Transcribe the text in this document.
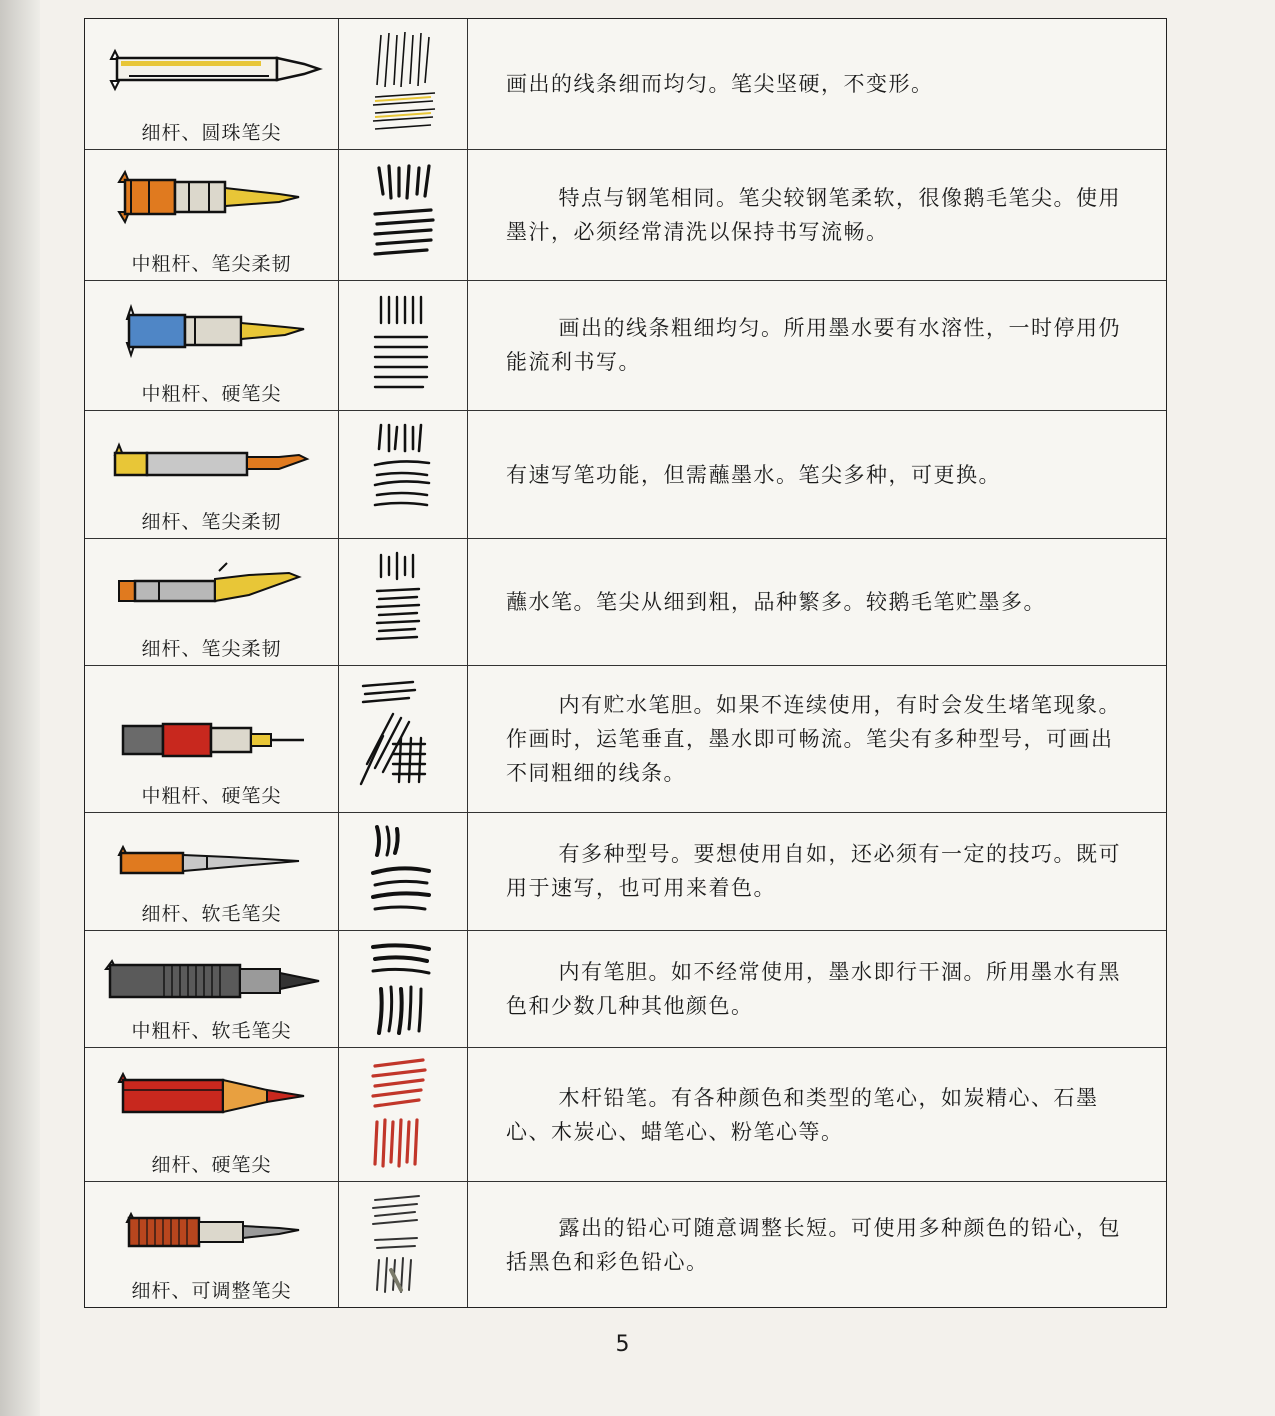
细杆、圆珠笔尖

画出的线条细而均匀。笔尖坚硬，不变形。

中粗杆、笔尖柔韧

特点与钢笔相同。笔尖较钢笔柔软，很像鹅毛笔尖。使用墨汁，必须经常清洗以保持书写流畅。

中粗杆、硬笔尖

画出的线条粗细均匀。所用墨水要有水溶性，一时停用仍能流利书写。

细杆、笔尖柔韧

有速写笔功能，但需蘸墨水。笔尖多种，可更换。

细杆、笔尖柔韧

蘸水笔。笔尖从细到粗，品种繁多。较鹅毛笔贮墨多。

中粗杆、硬笔尖

内有贮水笔胆。如果不连续使用，有时会发生堵笔现象。作画时，运笔垂直，墨水即可畅流。笔尖有多种型号，可画出不同粗细的线条。

细杆、软毛笔尖

有多种型号。要想使用自如，还必须有一定的技巧。既可用于速写，也可用来着色。

中粗杆、软毛笔尖

内有笔胆。如不经常使用，墨水即行干涸。所用墨水有黑色和少数几种其他颜色。

细杆、硬笔尖

木杆铅笔。有各种颜色和类型的笔心，如炭精心、石墨心、木炭心、蜡笔心、粉笔心等。

细杆、可调整笔尖

露出的铅心可随意调整长短。可使用多种颜色的铅心，包括黑色和彩色铅心。

5
